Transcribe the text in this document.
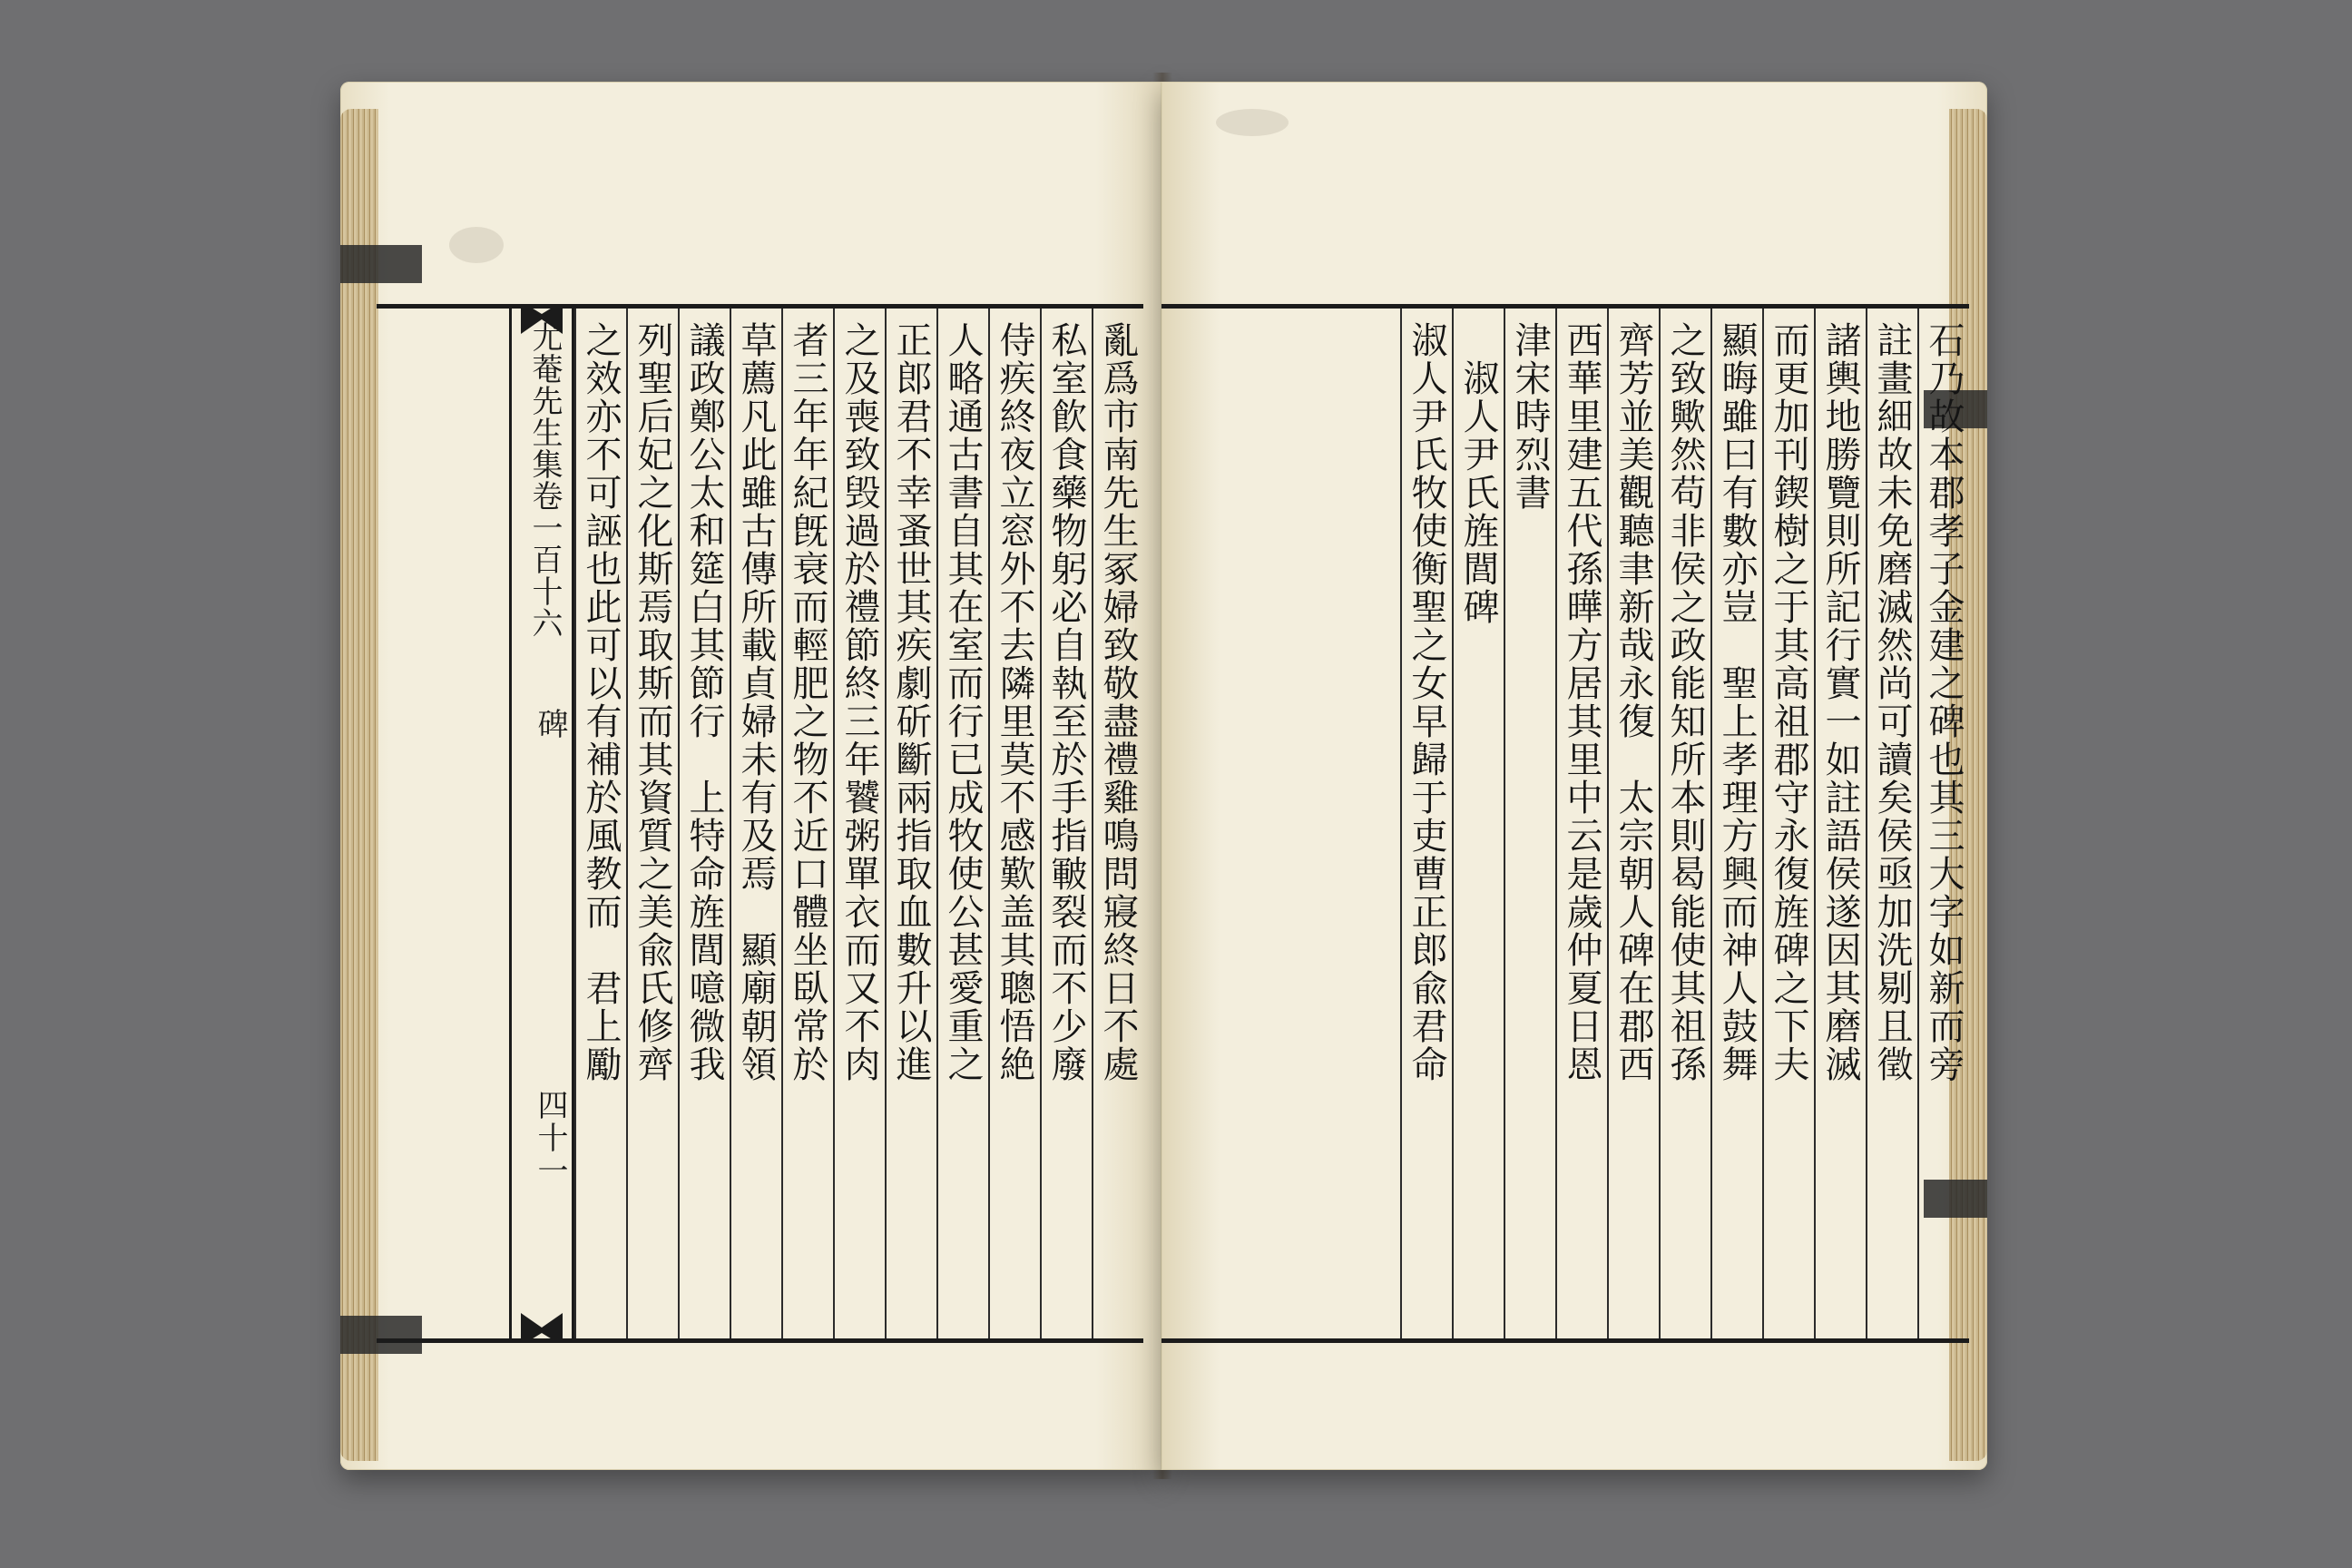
亂爲市南先生冢婦致敬盡禮雞鳴問寢終日不處
私室飮食藥物躬必自執至於手指皸裂而不少廢
侍疾終夜立窓外不去隣里莫不感歎盖其聰悟絶
人略通古書自其在室而行已成牧使公甚愛重之
正郎君不幸蚤世其疾劇斫斷兩指取血數升以進
之及喪致毁過於禮節終三年饕粥單衣而又不肉
者三年年紀旣衰而輕肥之物不近口體坐臥常於
草薦凡此雖古傳所載貞婦未有及焉　顯廟朝領
議政鄭公太和筵白其節行　上特命旌閭噫微我
列聖后妃之化斯焉取斯而其資質之美兪氏修齊
之效亦不可誣也此可以有補於風教而　君上勵
尤菴先生集卷一百十六
碑
四十一
石乃故本郡孝子金建之碑也其三大字如新而旁
註畫細故未免磨滅然尚可讀矣侯亟加洗剔且徵
諸輿地勝覽則所記行實一如註語侯遂因其磨滅
而更加刊鍥樹之于其高祖郡守永復旌碑之下夫
顯晦雖曰有數亦豈　聖上孝理方興而神人鼓舞
之致歟然苟非侯之政能知所本則曷能使其祖孫
齊芳並美觀聽聿新哉永復　太宗朝人碑在郡西
西華里建五代孫曄方居其里中云是歲仲夏日恩
津宋時烈書
　淑人尹氏旌閭碑
淑人尹氏牧使衡聖之女早歸于吏曹正郎兪君命
